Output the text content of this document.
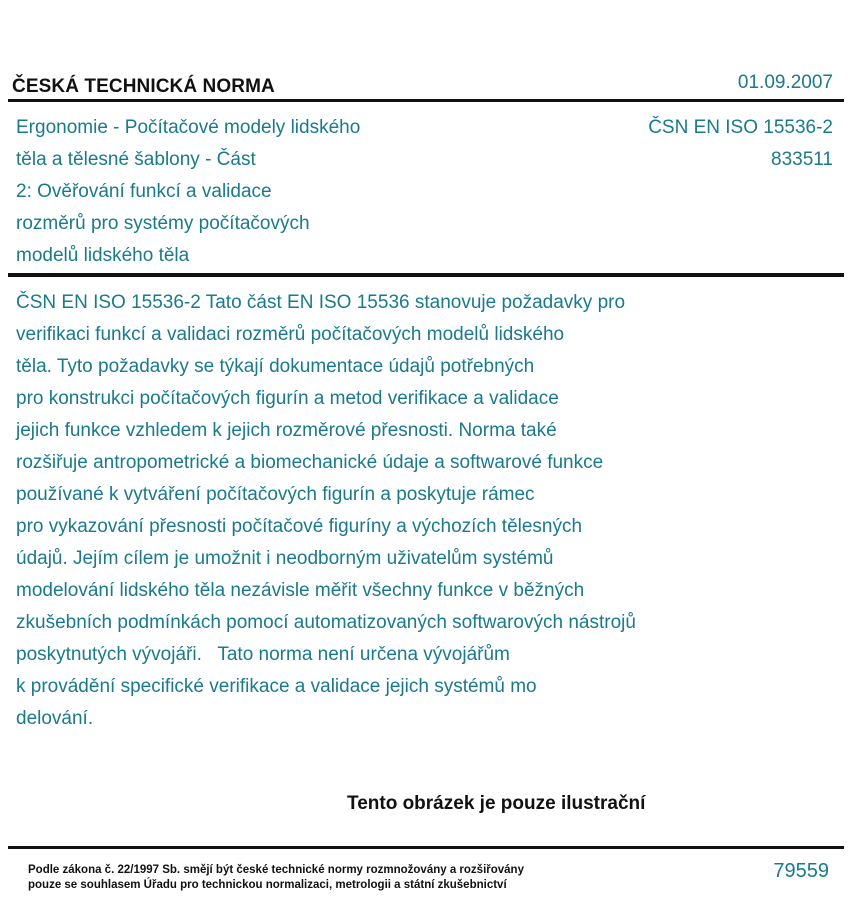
ČESKÁ TECHNICKÁ NORMA	01.09.2007
Ergonomie - Počítačové modely lidského
těla a tělesné šablony - Část
2: Ověřování funkcí a validace
rozměrů pro systémy počítačových
modelů lidského těla
ČSN EN ISO 15536-2
833511
ČSN EN ISO 15536-2 Tato část EN ISO 15536 stanovuje požadavky pro
verifikaci funkcí a validaci rozměrů počítačových modelů lidského
těla. Tyto požadavky se týkají dokumentace údajů potřebných
pro konstrukci počítačových figurín a metod verifikace a validace
jejich funkce vzhledem k jejich rozměrové přesnosti. Norma také
rozšiřuje antropometrické a biomechanické údaje a softwarové funkce
používané k vytváření počítačových figurín a poskytuje rámec
pro vykazování přesnosti počítačové figuríny a výchozích tělesných
údajů. Jejím cílem je umožnit i neodborným uživatelům systémů
modelování lidského těla nezávisle měřit všechny funkce v běžných
zkušebních podmínkách pomocí automatizovaných softwarových nástrojů
poskytnutých vývojáři.   Tato norma není určena vývojářům
k provádění specifické verifikace a validace jejich systémů mo
delování.
Tento obrázek je pouze ilustrační
Podle zákona č. 22/1997 Sb. smějí být české technické normy rozmnožovány a rozšiřovány
pouze se souhlasem Úřadu pro technickou normalizaci, metrologii a státní zkušebnictví
79559
